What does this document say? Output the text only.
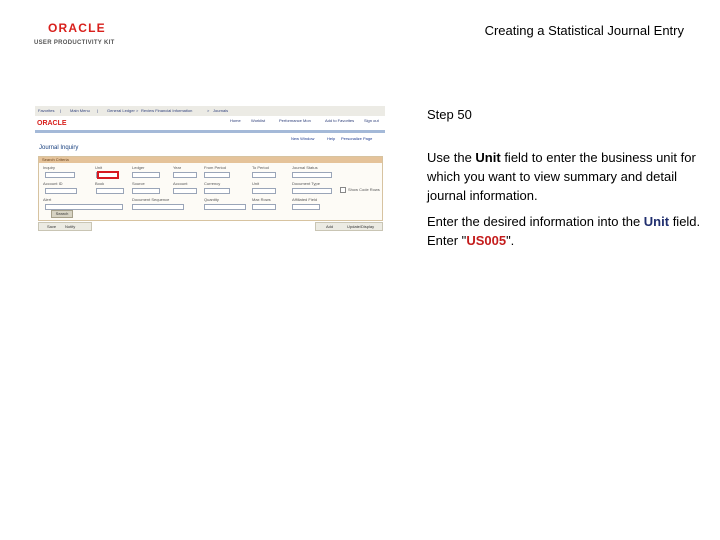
ORACLE
USER PRODUCTIVITY KIT
Creating a Statistical Journal Entry
Favorites | Main Menu | General Ledger > Review Financial Information	> Journals
ORACLE	Home	Worklist	Performance Mon	Add to Favorites Sign out
New Window	Help Personalize Page
Journal Inquiry
Search Criteria
Inquiry	Unit	Ledger	Year	From Period	To Period	Journal Status
Account ID	Book	Source	Account	Currency	Unit	Document Type
Show Code Rows
Alert	Document Sequence	Quantity	Max Rows	Affiliated Field
Search
Save Notify	Add	Update/Display
Step 50
Use the Unit field to enter the business unit for which you want to view summary and detail journal information.
Enter the desired information into the Unit field. Enter "US005".
